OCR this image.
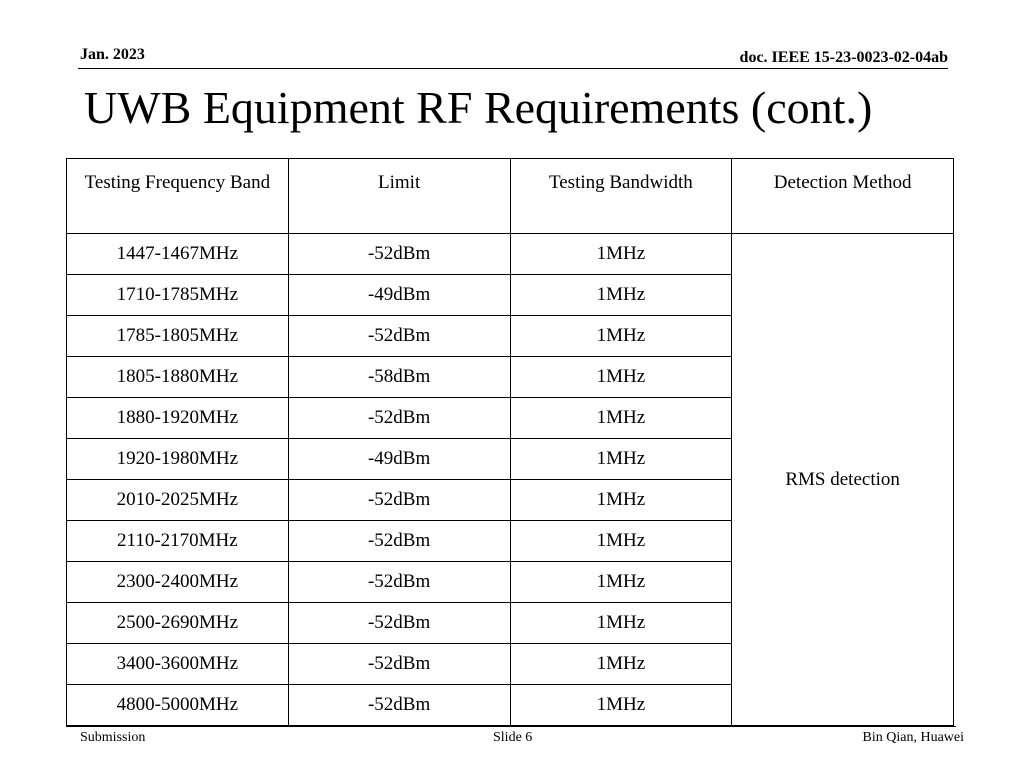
Jan. 2023	doc. IEEE 15-23-0023-02-04ab
UWB Equipment RF Requirements (cont.)
Testing Frequency Band	Limit	Testing Bandwidth	Detection Method
1447-1467MHz	-52dBm	1MHz	RMS detection
1710-1785MHz	-49dBm	1MHz	
1785-1805MHz	-52dBm	1MHz	
1805-1880MHz	-58dBm	1MHz	
1880-1920MHz	-52dBm	1MHz	
1920-1980MHz	-49dBm	1MHz	
2010-2025MHz	-52dBm	1MHz	
2110-2170MHz	-52dBm	1MHz	
2300-2400MHz	-52dBm	1MHz	
2500-2690MHz	-52dBm	1MHz	
3400-3600MHz	-52dBm	1MHz	
4800-5000MHz	-52dBm	1MHz	
Submission	Slide 6	Bin Qian, Huawei
